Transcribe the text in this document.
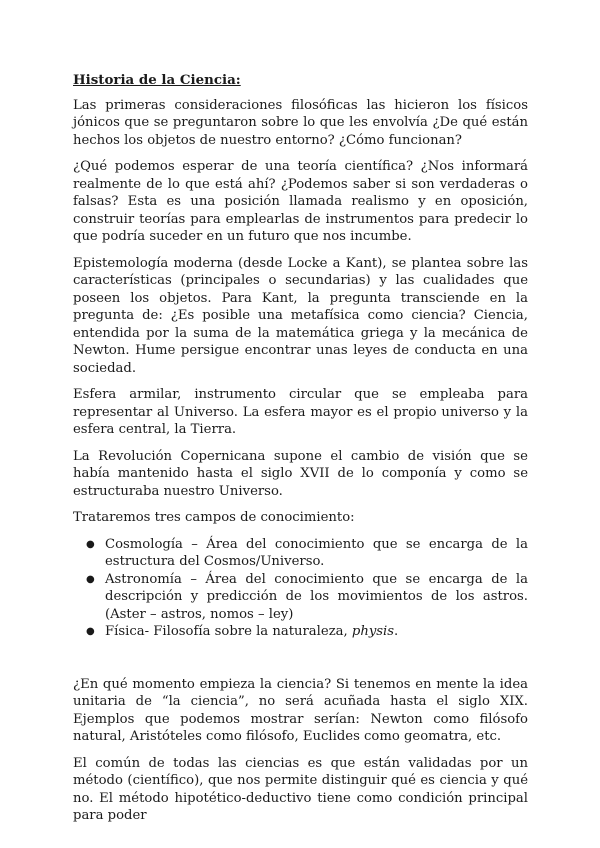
Historia de la Ciencia:

Las primeras consideraciones filosóficas las hicieron los físicos jónicos que se preguntaron sobre lo que les envolvía ¿De qué están hechos los objetos de nuestro entorno? ¿Cómo funcionan?

¿Qué podemos esperar de una teoría científica? ¿Nos informará realmente de lo que está ahí? ¿Podemos saber si son verdaderas o falsas? Esta es una posición llamada realismo y en oposición, construir teorías para emplearlas de instrumentos para predecir lo que podría suceder en un futuro que nos incumbe.

Epistemología moderna (desde Locke a Kant), se plantea sobre las características (principales o secundarias) y las cualidades que poseen los objetos. Para Kant, la pregunta transciende en la pregunta de: ¿Es posible una metafísica como ciencia? Ciencia, entendida por la suma de la matemática griega y la mecánica de Newton. Hume persigue encontrar unas leyes de conducta en una sociedad.

Esfera armilar, instrumento circular que se empleaba para representar al Universo. La esfera mayor es el propio universo y la esfera central, la Tierra.

La Revolución Copernicana supone el cambio de visión que se había mantenido hasta el siglo XVII de lo componía y como se estructuraba nuestro Universo.

Trataremos tres campos de conocimiento:

● Cosmología – Área del conocimiento que se encarga de la estructura del Cosmos/Universo.
● Astronomía – Área del conocimiento que se encarga de la descripción y predicción de los movimientos de los astros. (Aster – astros, nomos – ley)
● Física- Filosofía sobre la naturaleza, physis.

¿En qué momento empieza la ciencia? Si tenemos en mente la idea unitaria de “la ciencia”, no será acuñada hasta el siglo XIX. Ejemplos que podemos mostrar serían: Newton como filósofo natural, Aristóteles como filósofo, Euclides como geomatra, etc.

El común de todas las ciencias es que están validadas por un método (científico), que nos permite distinguir qué es ciencia y qué no. El método hipotético-deductivo tiene como condición principal para poder
